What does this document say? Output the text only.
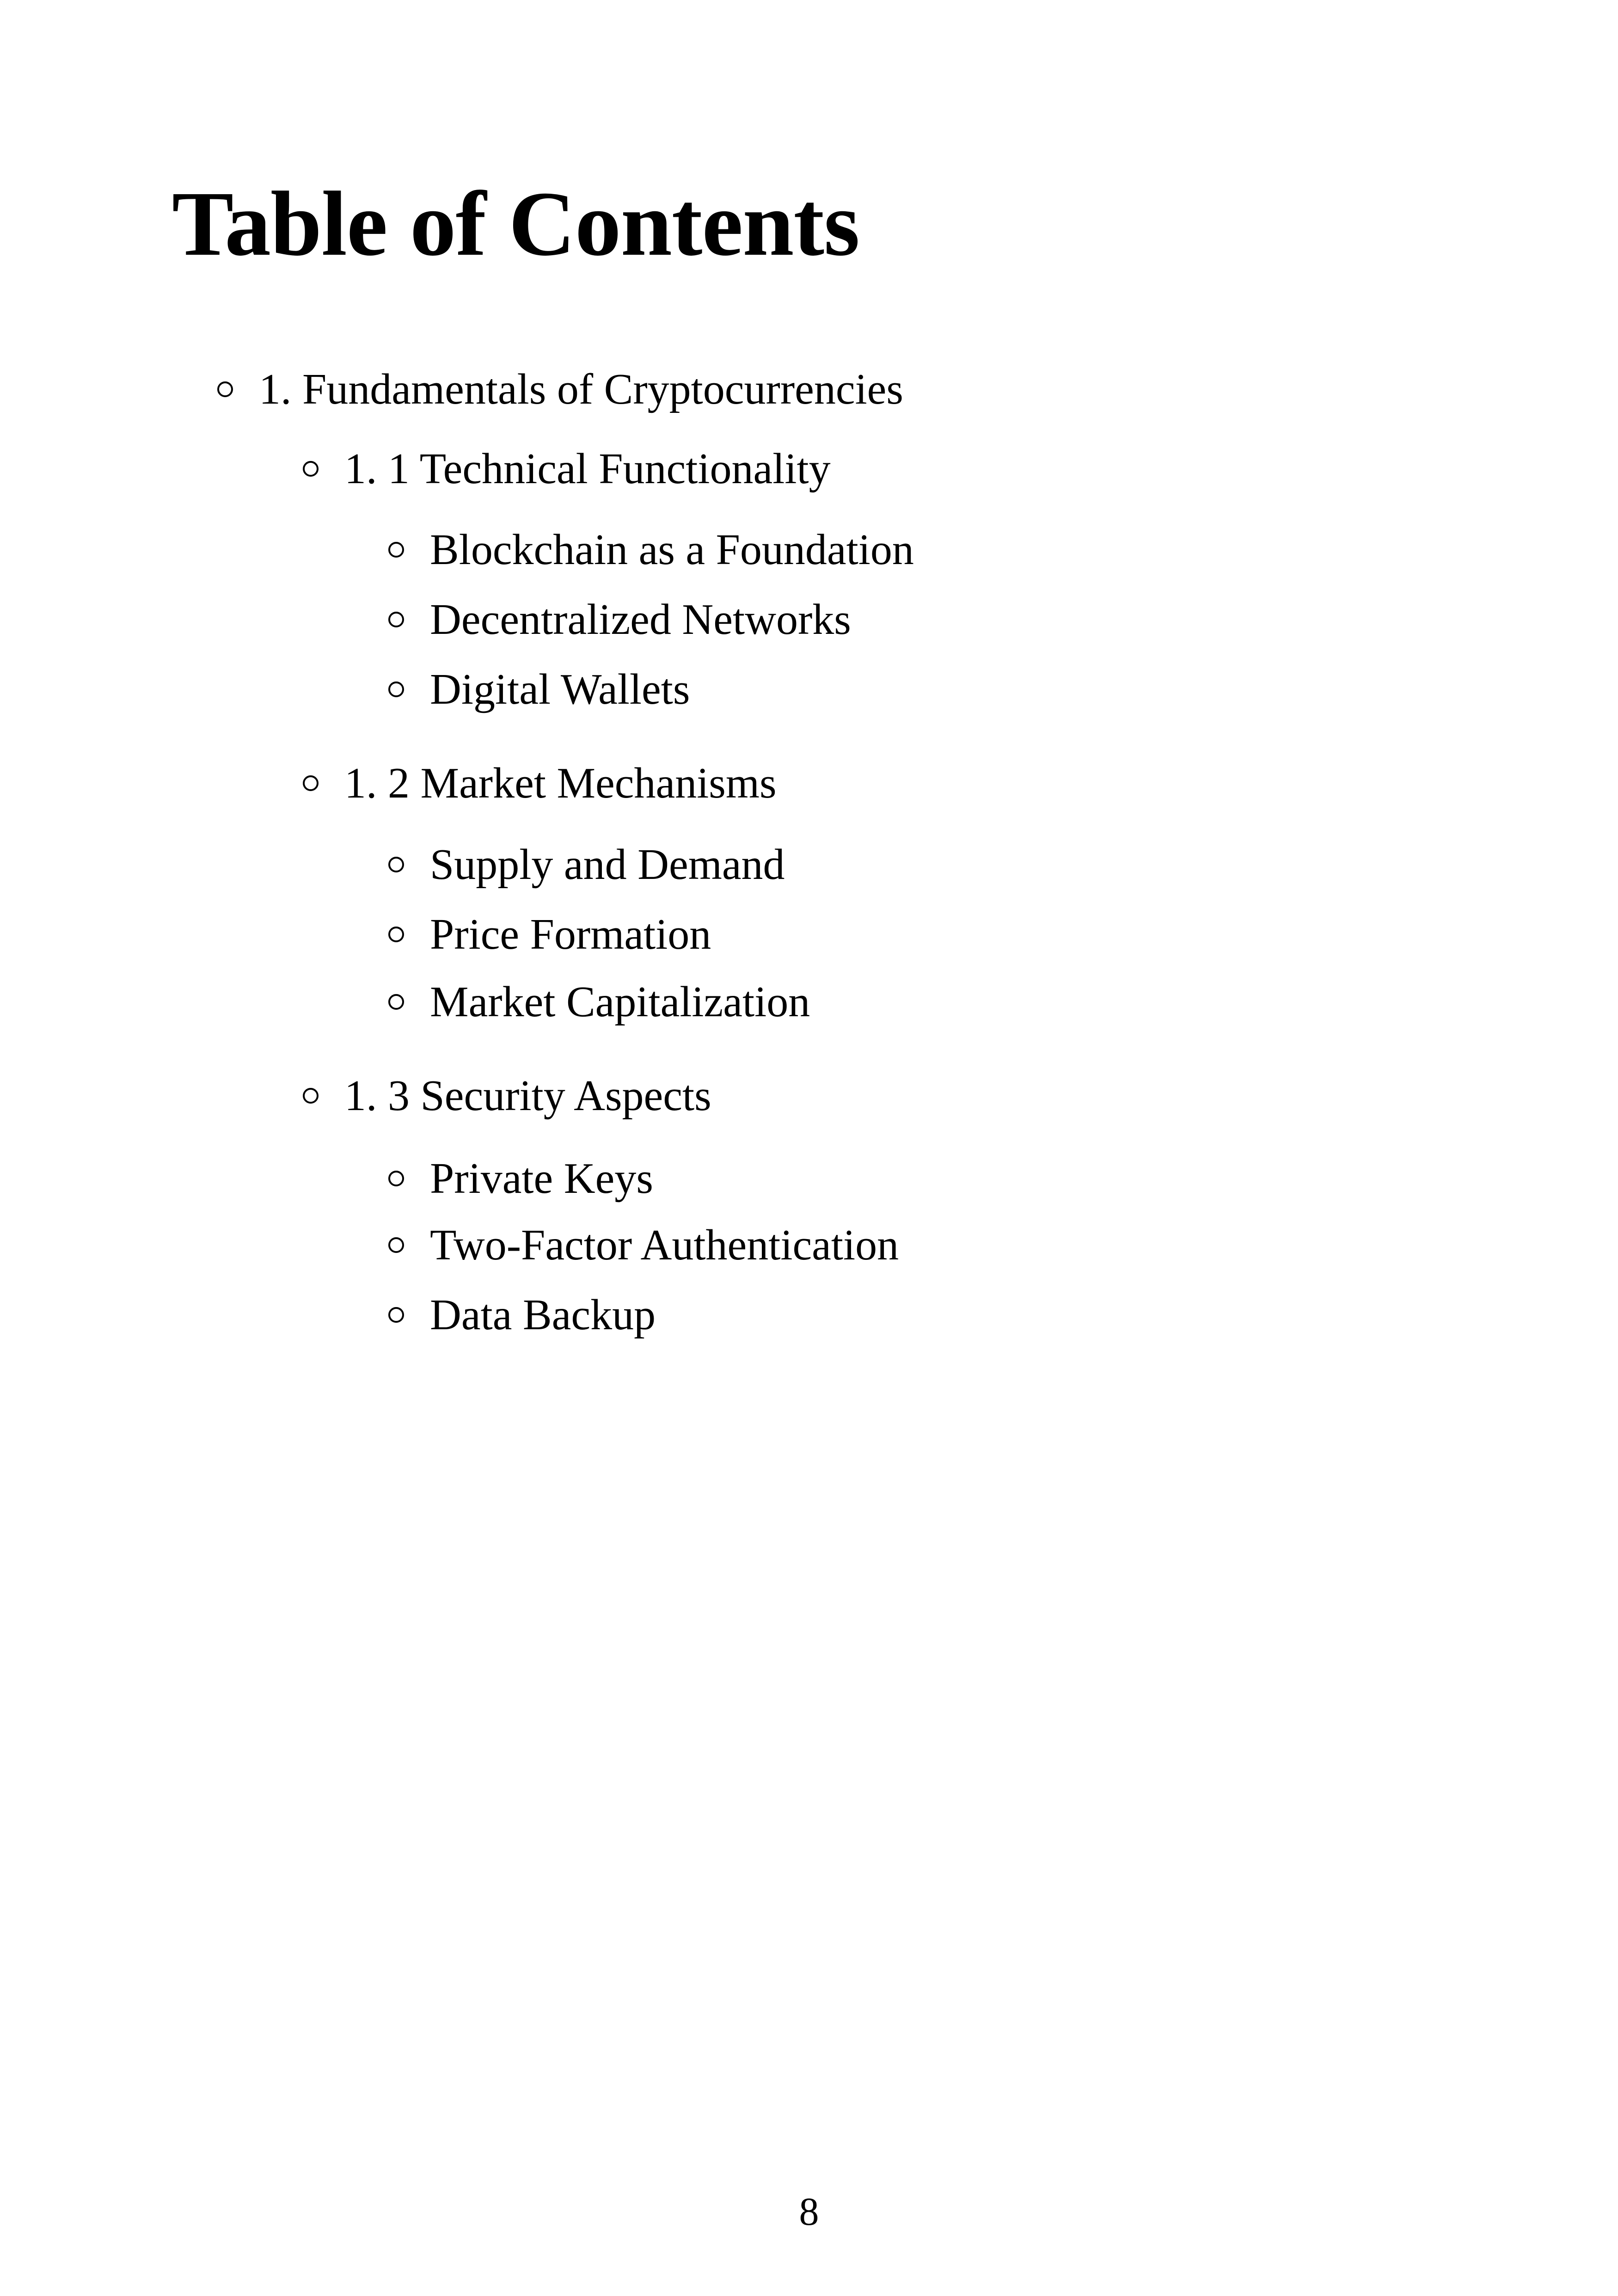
Table of Contents
1. Fundamentals of Cryptocurrencies
1. 1 Technical Functionality
Blockchain as a Foundation
Decentralized Networks
Digital Wallets
1. 2 Market Mechanisms
Supply and Demand
Price Formation
Market Capitalization
1. 3 Security Aspects
Private Keys
Two-Factor Authentication
Data Backup
8
